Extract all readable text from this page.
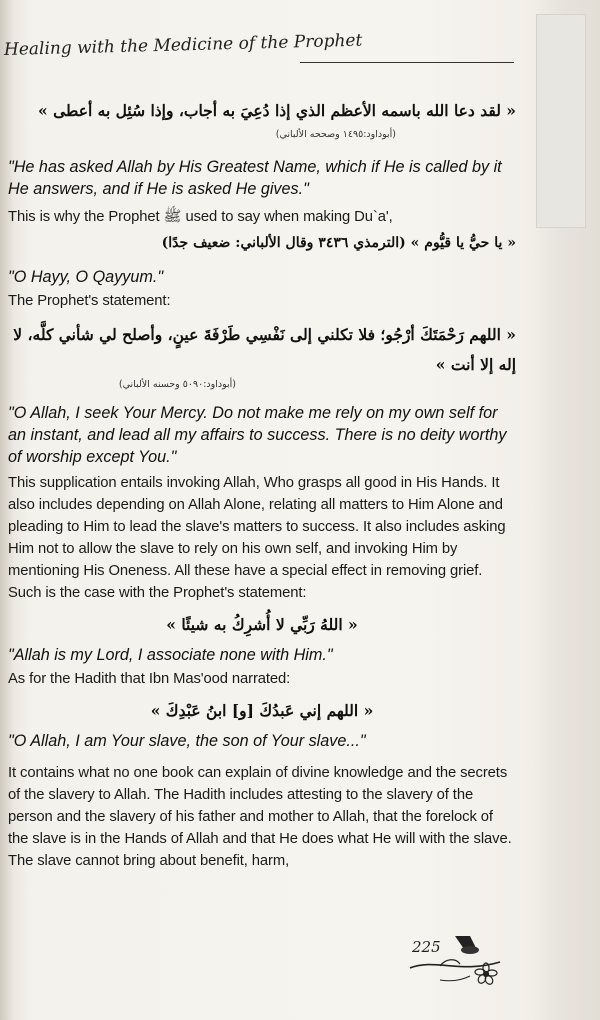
Healing with the Medicine of the Prophet
« لقد دعا الله باسمه الأعظم الذي إذا دُعِيَ به أجاب، وإذا سُئِل به أعطى »
(أبوداود:١٤٩٥ وصححه الألباني)

"He has asked Allah by His Greatest Name, which if He is called by it He answers, and if He is asked He gives."

This is why the Prophet ﷺ used to say when making Du`a',

« يا حيُّ يا قيُّوم » (الترمذي ٣٤٣٦ وقال الألباني: ضعيف جدًا)

"O Hayy, O Qayyum."

The Prophet's statement:

« اللهم رَحْمَتَكَ أرْجُو؛ فلا تكلني إلى نَفْسِي طَرْفَةَ عينٍ، وأصلح لي شأني كلَّه، لا إله إلا أنت »
(أبوداود:٥٠٩٠ وحسنه الألباني)

"O Allah, I seek Your Mercy. Do not make me rely on my own self for an instant, and lead all my affairs to success. There is no deity worthy of worship except You."

This supplication entails invoking Allah, Who grasps all good in His Hands. It also includes depending on Allah Alone, relating all matters to Him Alone and pleading to Him to lead the slave's matters to success. It also includes asking Him not to allow the slave to rely on his own self, and invoking Him by mentioning His Oneness. All these have a special effect in removing grief. Such is the case with the Prophet's statement:

« اللهُ رَبِّي لا أُشرِكُ به شيئًا »

"Allah is my Lord, I associate none with Him."

As for the Hadith that Ibn Mas'ood narrated:

« اللهم إني عَبدُكَ [و] ابنُ عَبْدِكَ »

"O Allah, I am Your slave, the son of Your slave..."

It contains what no one book can explain of divine knowledge and the secrets of the slavery to Allah. The Hadith includes attesting to the slavery of the person and the slavery of his father and mother to Allah, that the forelock of the slave is in the Hands of Allah and that He does what He will with the slave. The slave cannot bring about benefit, harm,

225
